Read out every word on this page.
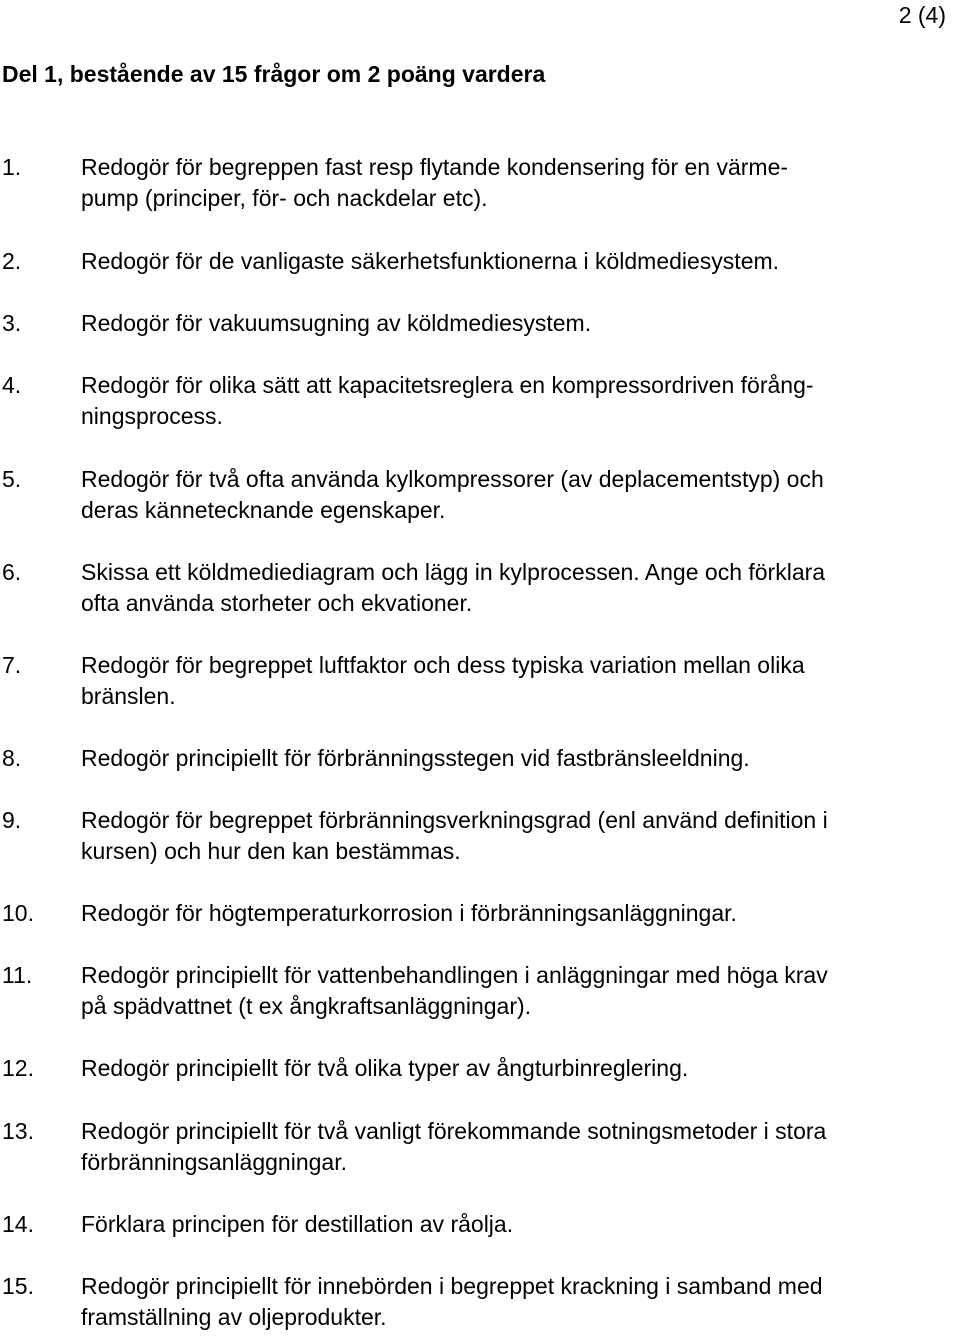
2 (4)
Del 1, bestående av 15 frågor om 2 poäng vardera
1.	Redogör för begreppen fast resp flytande kondensering för en värme-
pump (principer, för- och nackdelar etc).
2.	Redogör för de vanligaste säkerhetsfunktionerna i köldmediesystem.
3.	Redogör för vakuumsugning av köldmediesystem.
4.	Redogör för olika sätt att kapacitetsreglera en kompressordriven förång-
ningsprocess.
5.	Redogör för två ofta använda kylkompressorer (av deplacementstyp) och
deras kännetecknande egenskaper.
6.	Skissa ett köldmediediagram och lägg in kylprocessen. Ange och förklara
ofta använda storheter och ekvationer.
7.	Redogör för begreppet luftfaktor och dess typiska variation mellan olika
bränslen.
8.	Redogör principiellt för förbränningsstegen vid fastbränsleeldning.
9.	Redogör för begreppet förbränningsverkningsgrad (enl använd definition i
kursen) och hur den kan bestämmas.
10. Redogör för högtemperaturkorrosion i förbränningsanläggningar.
11. Redogör principiellt för vattenbehandlingen i anläggningar med höga krav
på spädvattnet (t ex ångkraftsanläggningar).
12. Redogör principiellt för två olika typer av ångturbinreglering.
13. Redogör principiellt för två vanligt förekommande sotningsmetoder i stora
förbränningsanläggningar.
14. Förklara principen för destillation av råolja.
15. Redogör principiellt för innebörden i begreppet krackning i samband med
framställning av oljeprodukter.
